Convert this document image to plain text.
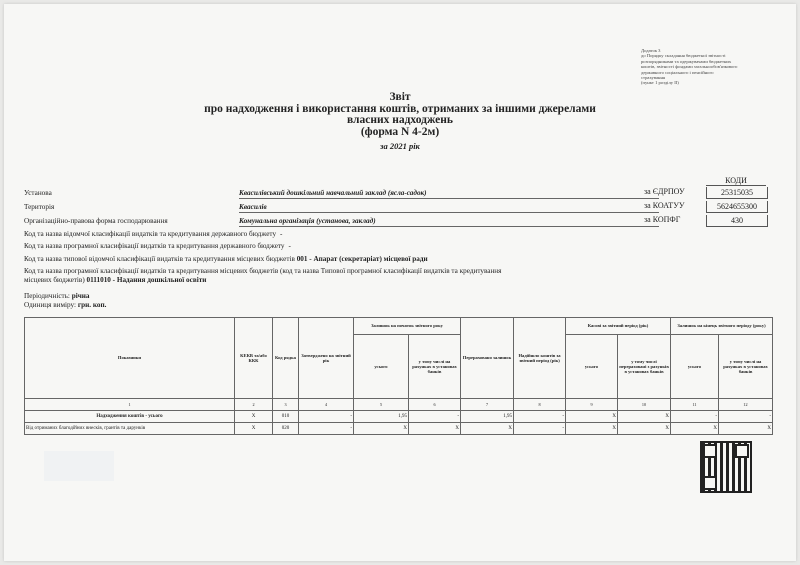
Додаток 3
до Порядку складання бюджетної звітності
розпорядниками та одержувачами бюджетних
коштів, звітності фондами загальнообов'язкового
державного соціального і пенсійного
страхування
(пункт 1 розділу ІІ)
Звіт
про надходження і використання коштів, отриманих за іншими джерелами
власних надходжень
(форма N 4-2м)
за 2021 рік
КОДИ
за ЄДРПОУ	25315035
за КОАТУУ	5624655300
за КОПФГ	430
Установа	Квасилівський дошкільний навчальний заклад (ясла-садок)
Територія	Квасилів
Організаційно-правова форма господарювання	Комунальна організація (установа, заклад)
Код та назва відомчої класифікації видатків та кредитування державного бюджету -
Код та назва програмної класифікації видатків та кредитування державного бюджету -
Код та назва типової відомчої класифікації видатків та кредитування місцевих бюджетів 001 - Апарат (секретаріат) місцевої ради
Код та назва програмної класифікації видатків та кредитування місцевих бюджетів (код та назва Типової програмної класифікації видатків та кредитування
місцевих бюджетів) 0111010 - Надання дошкільної освіти
Періодичність: річна
Одиниця виміру: грн. коп.
Показники	КЕКВ та/або ККК	Код рядка	Затверджено на звітний рік	Залишок на початок звітного року		Перераховано залишок	Надійшло коштів за звітний період (рік)	Касові за звітний період (рік)		Залишок на кінець звітного періоду (року)	
				усього	у тому числі на рахунках в установах банків			усього	у тому числі перераховані з рахунків в установах банків	усього	у тому числі на рахунках в установах банків
1	2	3	4	5	6	7	8	9	10	11	12
Надходження коштів - усього	X	010	-	1,95	-	1,95	-	X	X	-	-
Від отриманих благодійних внесків, грантів та дарунків	X	020	-	X	X	X	-	X	X	X	X
